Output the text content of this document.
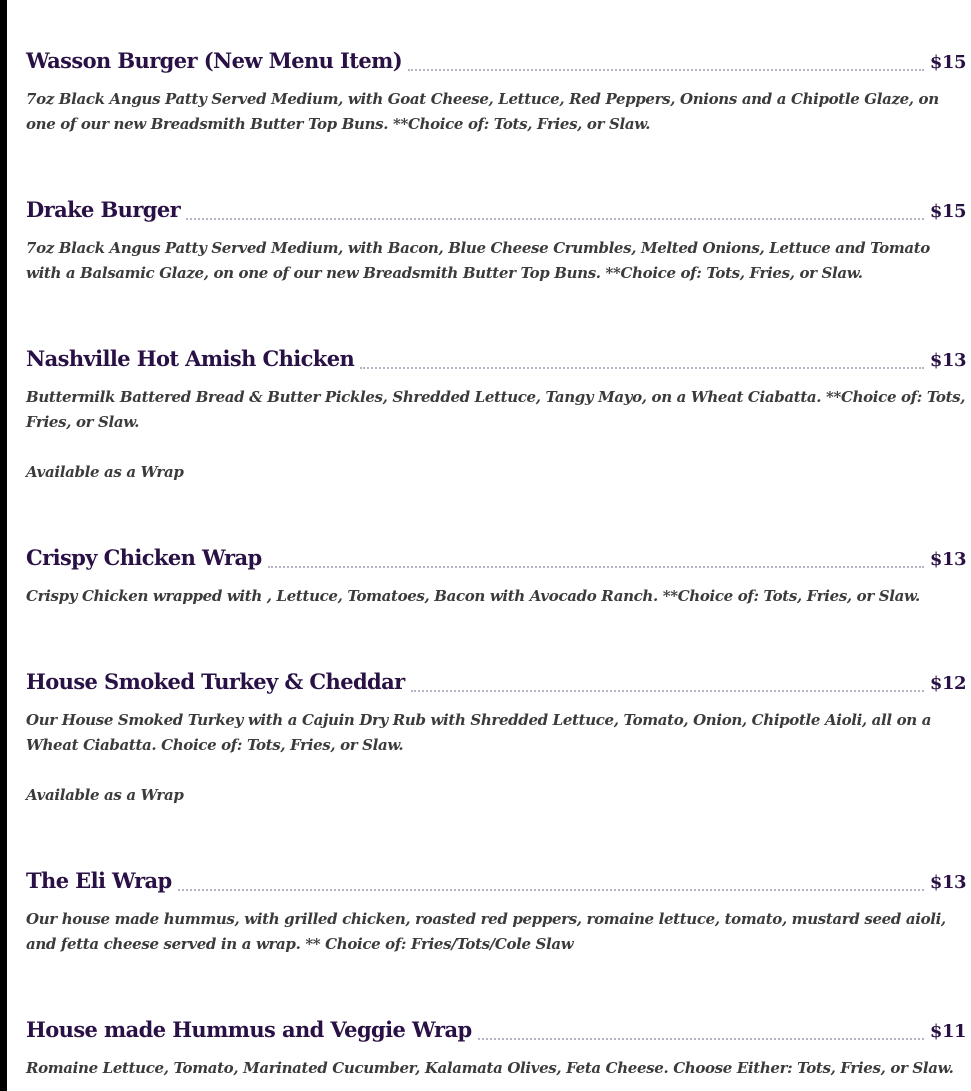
Wasson Burger (New Menu Item)	$15
7oz Black Angus Patty Served Medium, with Goat Cheese, Lettuce, Red Peppers, Onions and a Chipotle Glaze, on one of our new Breadsmith Butter Top Buns. **Choice of: Tots, Fries, or Slaw.
Drake Burger	$15
7oz Black Angus Patty Served Medium, with Bacon, Blue Cheese Crumbles, Melted Onions, Lettuce and Tomato with a Balsamic Glaze, on one of our new Breadsmith Butter Top Buns. **Choice of: Tots, Fries, or Slaw.
Nashville Hot Amish Chicken	$13
Buttermilk Battered Bread & Butter Pickles, Shredded Lettuce, Tangy Mayo, on a Wheat Ciabatta. **Choice of: Tots, Fries, or Slaw.
Available as a Wrap
Crispy Chicken Wrap	$13
Crispy Chicken wrapped with , Lettuce, Tomatoes, Bacon with Avocado Ranch. **Choice of: Tots, Fries, or Slaw.
House Smoked Turkey & Cheddar	$12
Our House Smoked Turkey with a Cajuin Dry Rub with Shredded Lettuce, Tomato, Onion, Chipotle Aioli, all on a Wheat Ciabatta. Choice of: Tots, Fries, or Slaw.
Available as a Wrap
The Eli Wrap	$13
Our house made hummus, with grilled chicken, roasted red peppers, romaine lettuce, tomato, mustard seed aioli, and fetta cheese served in a wrap. ** Choice of: Fries/Tots/Cole Slaw
House made Hummus and Veggie Wrap	$11
Romaine Lettuce, Tomato, Marinated Cucumber, Kalamata Olives, Feta Cheese. Choose Either: Tots, Fries, or Slaw.
